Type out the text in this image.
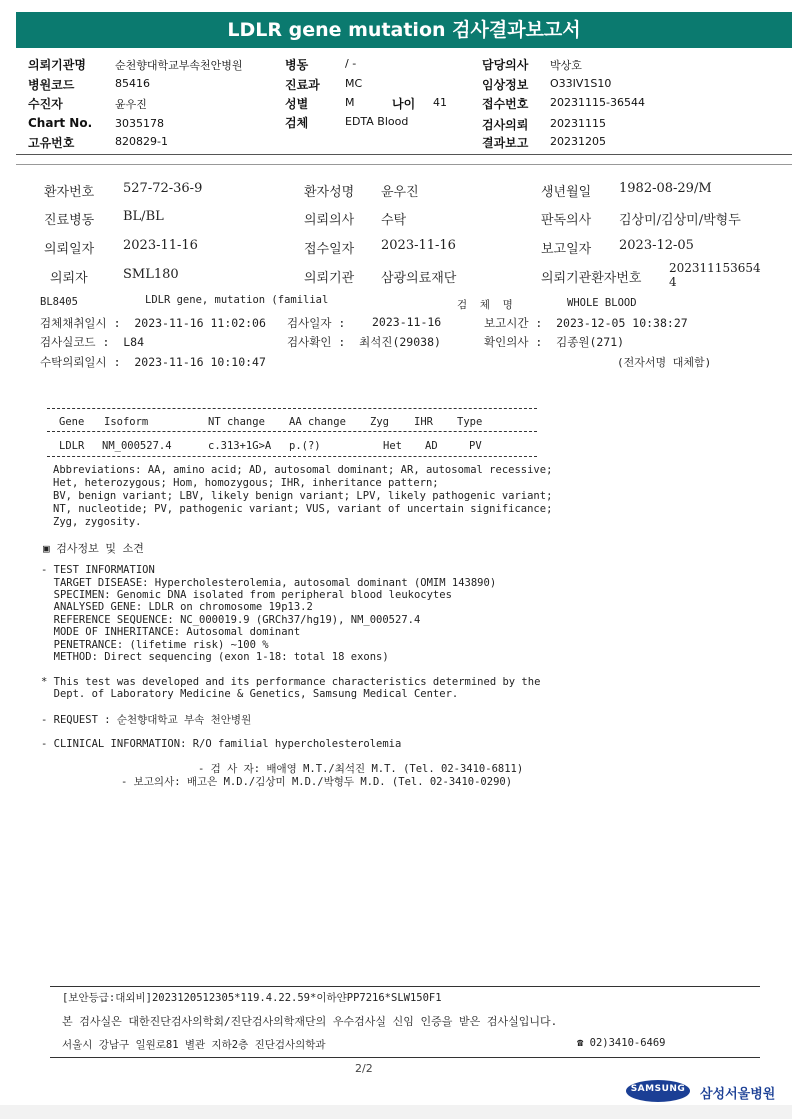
LDLR gene mutation 검사결과보고서
의뢰기관명	순천향대학교부속천안병원
병원코드	85416
수진자	윤우진
Chart No. 3035178
고유번호	820829-1
병동	/ -
진료과 MC
성별	M	나이 41
검체	EDTA Blood
담당의사 박상호
임상정보 O33IV1S10
접수번호 20231115-36544
검사의뢰 20231115
결과보고 20231205
환자번호 527-72-36-9	환자성명 윤우진	생년월일 1982-08-29/M
진료병동 BL/BL	의뢰의사 수탁	판독의사 김상미/김상미/박형두
의뢰일자 2023-11-16	접수일자 2023-11-16	보고일자 2023-12-05
의뢰자	SML180	의뢰기관 삼광의료재단	의뢰기관환자번호
202311153654
4
BL8405	LDLR gene, mutation (familial	검  체  명	WHOLE BLOOD
검체채취일시 :  2023-11-16 11:02:06 검사일자 : 2023-11-16	보고시간 :  2023-12-05 10:38:27
검사실코드 :  L84	검사확인 :  최석진(29038)	확인의사 :  김종원(271)
수탁의뢰일시 :  2023-11-16 10:10:47	(전자서명 대체함)
Gene Isoform	NT change AA change Zyg IHR Type
LDLR NM_000527.4	c.313+1G>A p.(?)	Het AD	PV
Abbreviations: AA, amino acid; AD, autosomal dominant; AR, autosomal recessive;
Het, heterozygous; Hom, homozygous; IHR, inheritance pattern;
BV, benign variant; LBV, likely benign variant; LPV, likely pathogenic variant;
NT, nucleotide; PV, pathogenic variant; VUS, variant of uncertain significance;
Zyg, zygosity.
▣ 검사정보 및 소견
- TEST INFORMATION
TARGET DISEASE: Hypercholesterolemia, autosomal dominant (OMIM 143890)
SPECIMEN: Genomic DNA isolated from peripheral blood leukocytes
ANALYSED GENE: LDLR on chromosome 19p13.2
REFERENCE SEQUENCE: NC_000019.9 (GRCh37/hg19), NM_000527.4
MODE OF INHERITANCE: Autosomal dominant
PENETRANCE: (lifetime risk) ~100 %
METHOD: Direct sequencing (exon 1-18: total 18 exons)
* This test was developed and its performance characteristics determined by the
Dept. of Laboratory Medicine & Genetics, Samsung Medical Center.
- REQUEST : 순천향대학교 부속 천안병원
- CLINICAL INFORMATION: R/O familial hypercholesterolemia
- 검 사 자: 배애영 M.T./최석진 M.T. (Tel. 02-3410-6811)
- 보고의사: 배고은 M.D./김상미 M.D./박형두 M.D. (Tel. 02-3410-0290)
[보안등급:대외비]2023120512305*119.4.22.59*이하얀PP7216*SLW150F1
본 검사실은 대한진단검사의학회/진단검사의학재단의 우수검사실 신임 인증을 받은 검사실입니다.
서울시 강남구 일원로81 별관 지하2층 진단검사의학과	☎ 02)3410-6469
2/2
SAMSUNG	삼성서울병원
